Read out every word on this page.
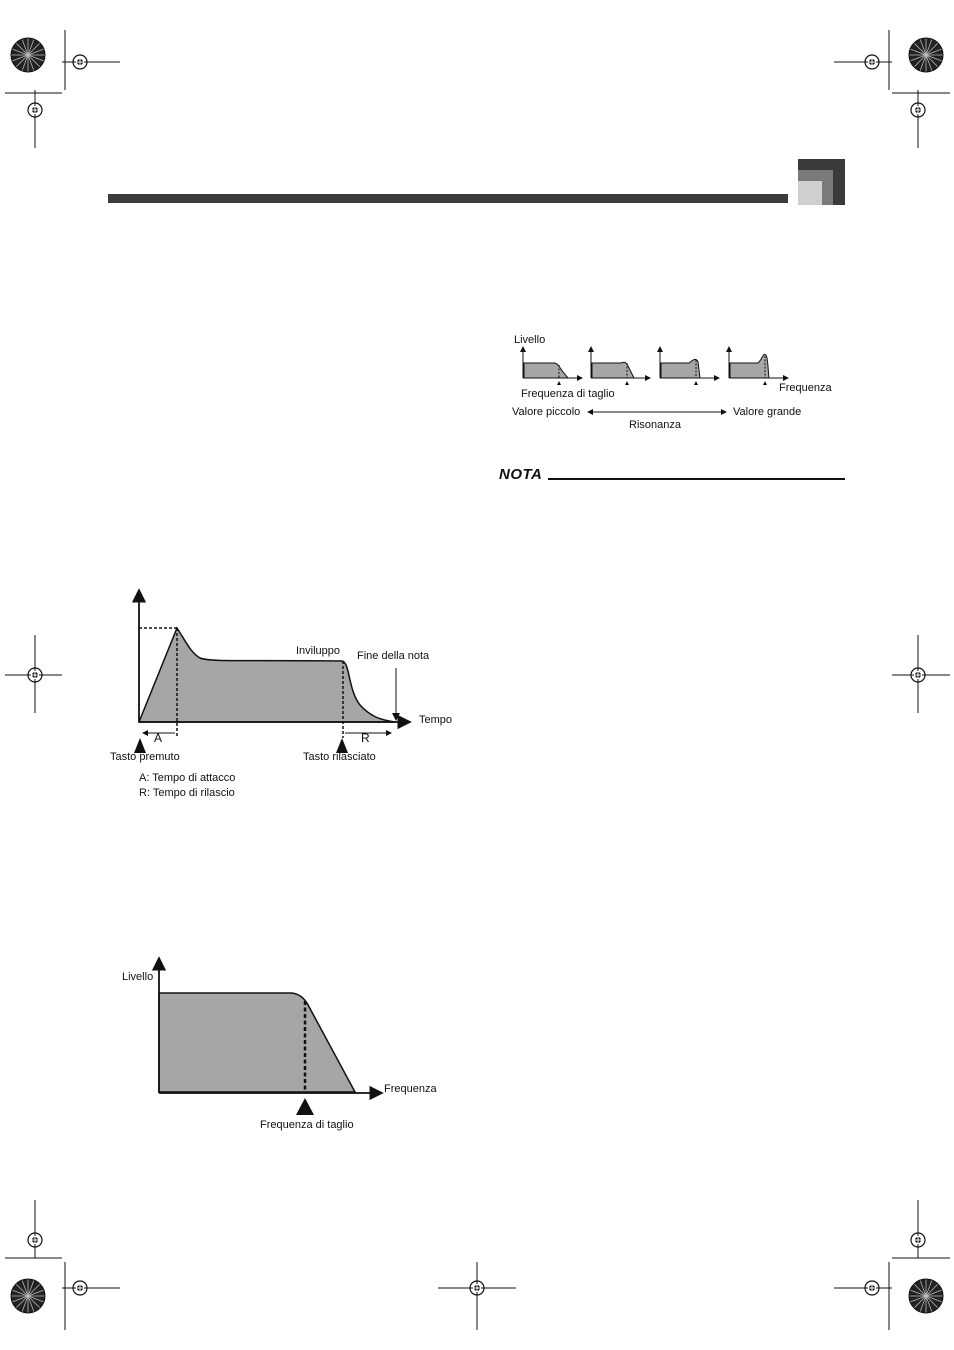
Livello
Frequenza di taglio	Frequenza
Valore piccolo	Valore grande
Risonanza
NOTA
Inviluppo Fine della nota
Tempo
A	R
Tasto premuto	Tasto rilasciato
A: Tempo di attacco
R: Tempo di rilascio
Livello
Frequenza
Frequenza di taglio
